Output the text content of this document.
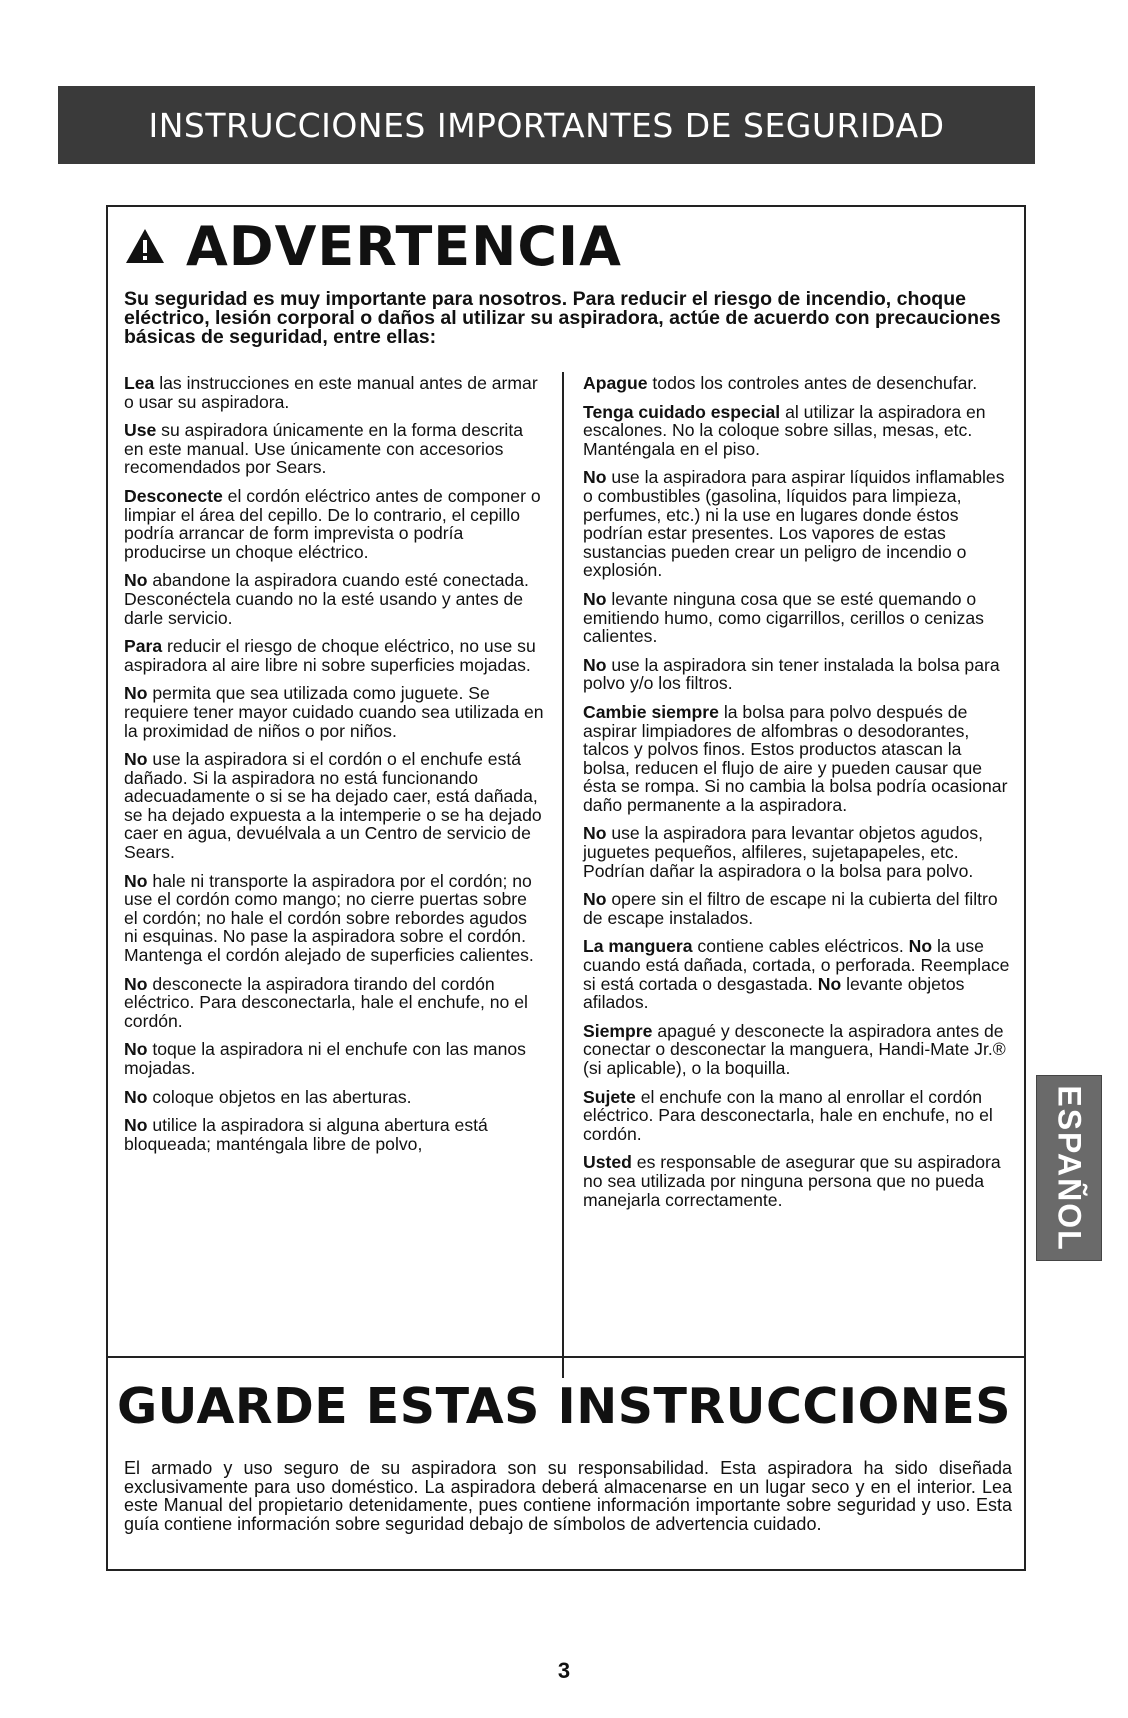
INSTRUCCIONES IMPORTANTES DE SEGURIDAD
ADVERTENCIA
Su seguridad es muy importante para nosotros. Para reducir el riesgo de incendio, choque eléctrico, lesión corporal o daños al utilizar su aspiradora, actúe de acuerdo con precauciones básicas de seguridad, entre ellas:

Lea las instrucciones en este manual antes de armar o usar su aspiradora.

Use su aspiradora únicamente en la forma descrita en este manual. Use únicamente con accesorios recomendados por Sears.

Desconecte el cordón eléctrico antes de componer o limpiar el área del cepillo. De lo contrario, el cepillo podría arrancar de form imprevista o podría producirse un choque eléctrico.

No abandone la aspiradora cuando esté conectada. Desconéctela cuando no la esté usando y antes de darle servicio.

Para reducir el riesgo de choque eléctrico, no use su aspiradora al aire libre ni sobre superficies mojadas.

No permita que sea utilizada como juguete. Se requiere tener mayor cuidado cuando sea utilizada en la proximidad de niños o por niños.

No use la aspiradora si el cordón o el enchufe está dañado. Si la aspiradora no está funcionando adecuadamente o si se ha dejado caer, está dañada, se ha dejado expuesta a la intemperie o se ha dejado caer en agua, devuélvala a un Centro de servicio de Sears.

No hale ni transporte la aspiradora por el cordón; no use el cordón como mango; no cierre puertas sobre el cordón; no hale el cordón sobre rebordes agudos ni esquinas. No pase la aspiradora sobre el cordón. Mantenga el cordón alejado de superficies calientes.

No desconecte la aspiradora tirando del cordón eléctrico. Para desconectarla, hale el enchufe, no el cordón.

No toque la aspiradora ni el enchufe con las manos mojadas.

No coloque objetos en las aberturas.

No utilice la aspiradora si alguna abertura está bloqueada; manténgala libre de polvo,

Apague todos los controles antes de desenchufar.

Tenga cuidado especial al utilizar la aspiradora en escalones. No la coloque sobre sillas, mesas, etc. Manténgala en el piso.

No use la aspiradora para aspirar líquidos inflamables o combustibles (gasolina, líquidos para limpieza, perfumes, etc.) ni la use en lugares donde éstos podrían estar presentes. Los vapores de estas sustancias pueden crear un peligro de incendio o explosión.

No levante ninguna cosa que se esté quemando o emitiendo humo, como cigarrillos, cerillos o cenizas calientes.

No use la aspiradora sin tener instalada la bolsa para polvo y/o los filtros.

Cambie siempre la bolsa para polvo después de aspirar limpiadores de alfombras o desodorantes, talcos y polvos finos. Estos productos atascan la bolsa, reducen el flujo de aire y pueden causar que ésta se rompa. Si no cambia la bolsa podría ocasionar daño permanente a la aspiradora.

No use la aspiradora para levantar objetos agudos, juguetes pequeños, alfileres, sujetapapeles, etc. Podrían dañar la aspiradora o la bolsa para polvo.

No opere sin el filtro de escape ni la cubierta del filtro de escape instalados.

La manguera contiene cables eléctricos. No la use cuando está dañada, cortada, o perforada. Reemplace si está cortada o desgastada. No levante objetos afilados.

Siempre apagué y desconecte la aspiradora antes de conectar o desconectar la manguera, Handi-Mate Jr.® (si aplicable), o la boquilla.

Sujete el enchufe con la mano al enrollar el cordón eléctrico. Para desconectarla, hale en enchufe, no el cordón.

Usted es responsable de asegurar que su aspiradora no sea utilizada por ninguna persona que no pueda manejarla correctamente.

GUARDE ESTAS INSTRUCCIONES
El armado y uso seguro de su aspiradora son su responsabilidad. Esta aspiradora ha sido diseñada exclusivamente para uso doméstico. La aspiradora deberá almacenarse en un lugar seco y en el interior. Lea este Manual del propietario detenidamente, pues contiene información importante sobre seguridad y uso. Esta guía contiene información sobre seguridad debajo de símbolos de advertencia cuidado.
ESPAÑOL
3
